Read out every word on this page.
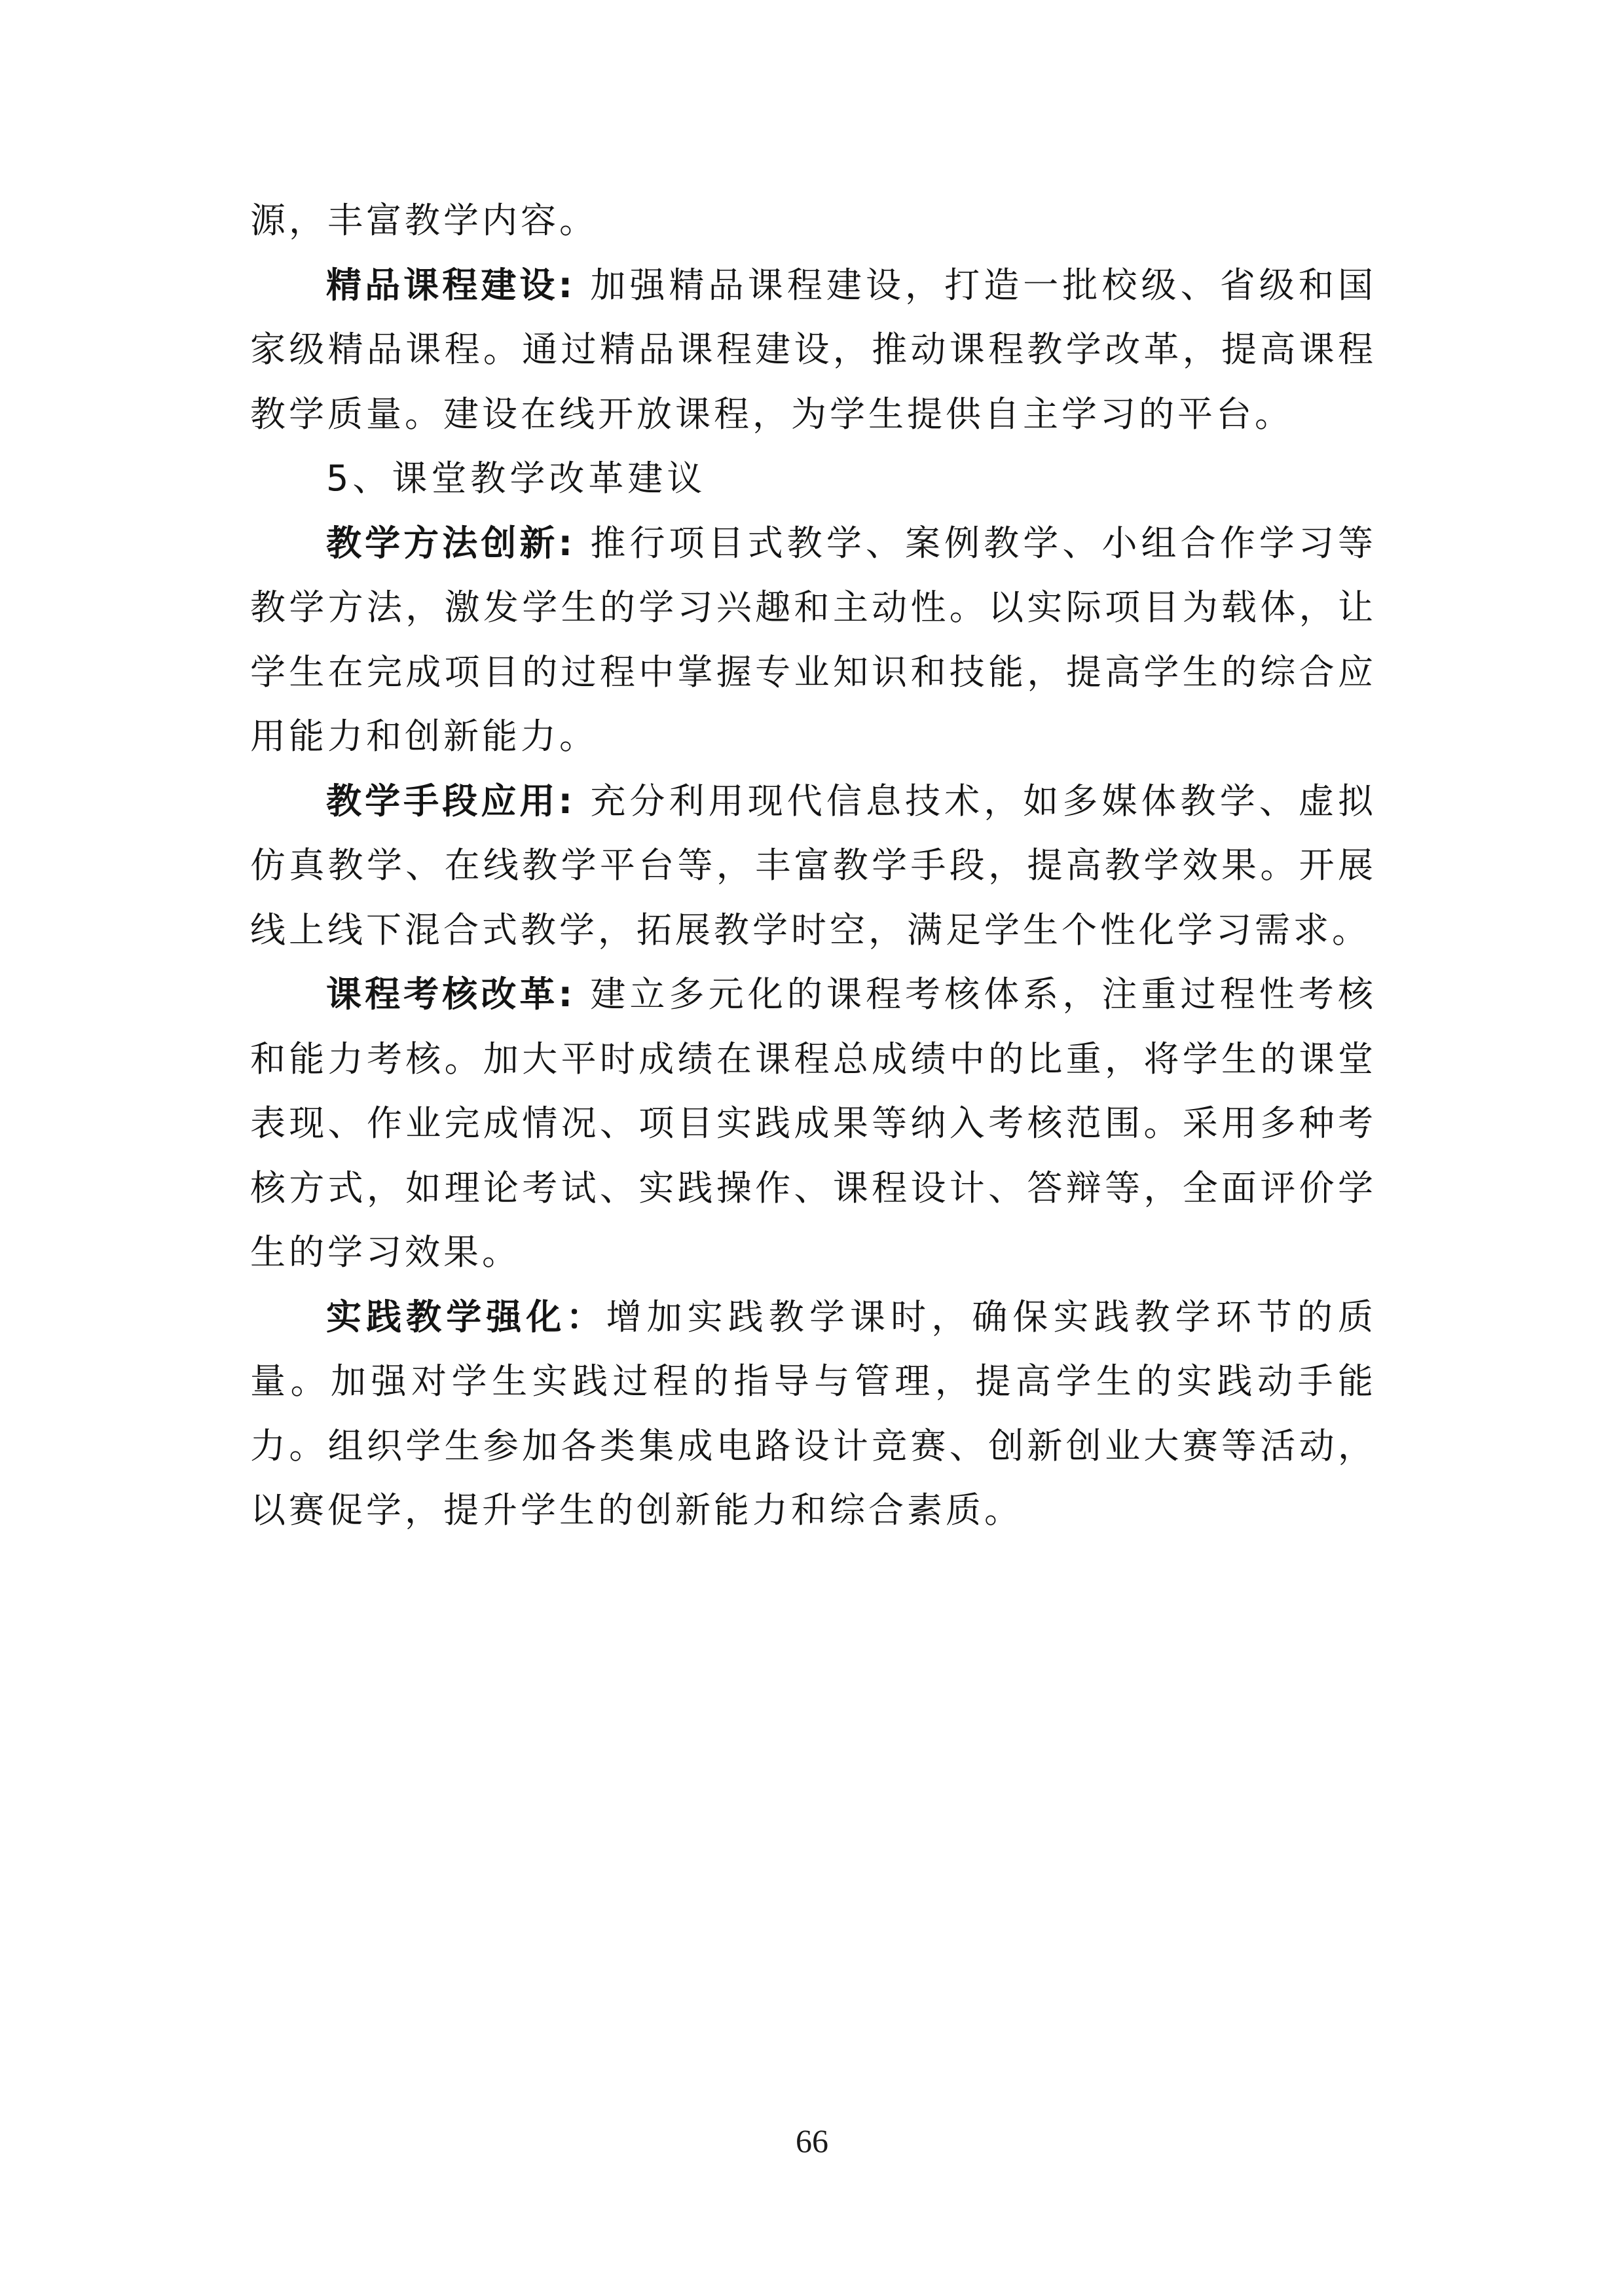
源，丰富教学内容。

精品课程建设: 加强精品课程建设，打造一批校级、省级和国家级精品课程。通过精品课程建设，推动课程教学改革，提高课程教学质量。建设在线开放课程，为学生提供自主学习的平台。

5、课堂教学改革建议

教学方法创新: 推行项目式教学、案例教学、小组合作学习等教学方法，激发学生的学习兴趣和主动性。以实际项目为载体，让学生在完成项目的过程中掌握专业知识和技能，提高学生的综合应用能力和创新能力。

教学手段应用: 充分利用现代信息技术，如多媒体教学、虚拟仿真教学、在线教学平台等，丰富教学手段，提高教学效果。开展线上线下混合式教学，拓展教学时空，满足学生个性化学习需求。

课程考核改革: 建立多元化的课程考核体系，注重过程性考核和能力考核。加大平时成绩在课程总成绩中的比重，将学生的课堂表现、作业完成情况、项目实践成果等纳入考核范围。采用多种考核方式，如理论考试、实践操作、课程设计、答辩等，全面评价学生的学习效果。

实践教学强化：增加实践教学课时，确保实践教学环节的质量。加强对学生实践过程的指导与管理，提高学生的实践动手能力。组织学生参加各类集成电路设计竞赛、创新创业大赛等活动，以赛促学，提升学生的创新能力和综合素质。

66
